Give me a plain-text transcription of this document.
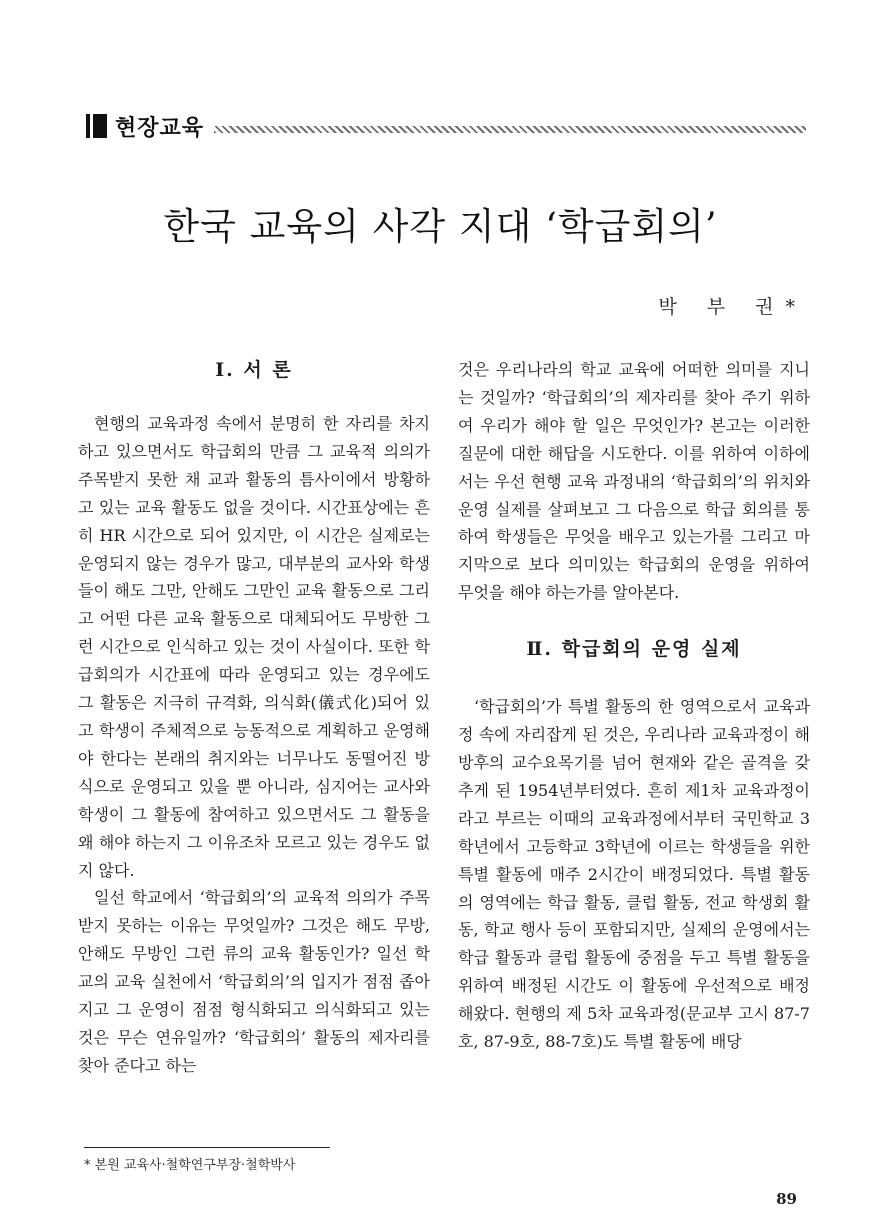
현장교육
한국 교육의 사각 지대 ‘학급회의’
박 부 권*
Ⅰ. 서 론

현행의 교육과정 속에서 분명히 한 자리를 차지하고 있으면서도 학급회의 만큼 그 교육적 의의가 주목받지 못한 채 교과 활동의 틈사이에서 방황하고 있는 교육 활동도 없을 것이다. 시간표상에는 흔히 HR 시간으로 되어 있지만, 이 시간은 실제로는 운영되지 않는 경우가 많고, 대부분의 교사와 학생들이 해도 그만, 안해도 그만인 교육 활동으로 그리고 어떤 다른 교육 활동으로 대체되어도 무방한 그런 시간으로 인식하고 있는 것이 사실이다. 또한 학급회의가 시간표에 따라 운영되고 있는 경우에도 그 활동은 지극히 규격화, 의식화(儀式化)되어 있고 학생이 주체적으로 능동적으로 계획하고 운영해야 한다는 본래의 취지와는 너무나도 동떨어진 방식으로 운영되고 있을 뿐 아니라, 심지어는 교사와 학생이 그 활동에 참여하고 있으면서도 그 활동을 왜 해야 하는지 그 이유조차 모르고 있는 경우도 없지 않다.

일선 학교에서 ‘학급회의’의 교육적 의의가 주목받지 못하는 이유는 무엇일까? 그것은 해도 무방, 안해도 무방인 그런 류의 교육 활동인가? 일선 학교의 교육 실천에서 ‘학급회의’의 입지가 점점 좁아지고 그 운영이 점점 형식화되고 의식화되고 있는 것은 무슨 연유일까? ‘학급회의’ 활동의 제자리를 찾아 준다고 하는

것은 우리나라의 학교 교육에 어떠한 의미를 지니는 것일까? ‘학급회의’의 제자리를 찾아 주기 위하여 우리가 해야 할 일은 무엇인가? 본고는 이러한 질문에 대한 해답을 시도한다. 이를 위하여 이하에서는 우선 현행 교육 과정내의 ‘학급회의’의 위치와 운영 실제를 살펴보고 그 다음으로 학급 회의를 통하여 학생들은 무엇을 배우고 있는가를 그리고 마지막으로 보다 의미있는 학급회의 운영을 위하여 무엇을 해야 하는가를 알아본다.

Ⅱ. 학급회의 운영 실제

‘학급회의’가 특별 활동의 한 영역으로서 교육과정 속에 자리잡게 된 것은, 우리나라 교육과정이 해방후의 교수요목기를 넘어 현재와 같은 골격을 갖추게 된 1954년부터였다. 흔히 제1차 교육과정이라고 부르는 이때의 교육과정에서부터 국민학교 3학년에서 고등학교 3학년에 이르는 학생들을 위한 특별 활동에 매주 2시간이 배정되었다. 특별 활동의 영역에는 학급 활동, 클럽 활동, 전교 학생회 활동, 학교 행사 등이 포함되지만, 실제의 운영에서는 학급 활동과 클럽 활동에 중점을 두고 특별 활동을 위하여 배정된 시간도 이 활동에 우선적으로 배정해왔다. 현행의 제 5차 교육과정(문교부 고시 87-7호, 87-9호, 88-7호)도 특별 활동에 배당

* 본원 교육사·철학연구부장·철학박사
89
